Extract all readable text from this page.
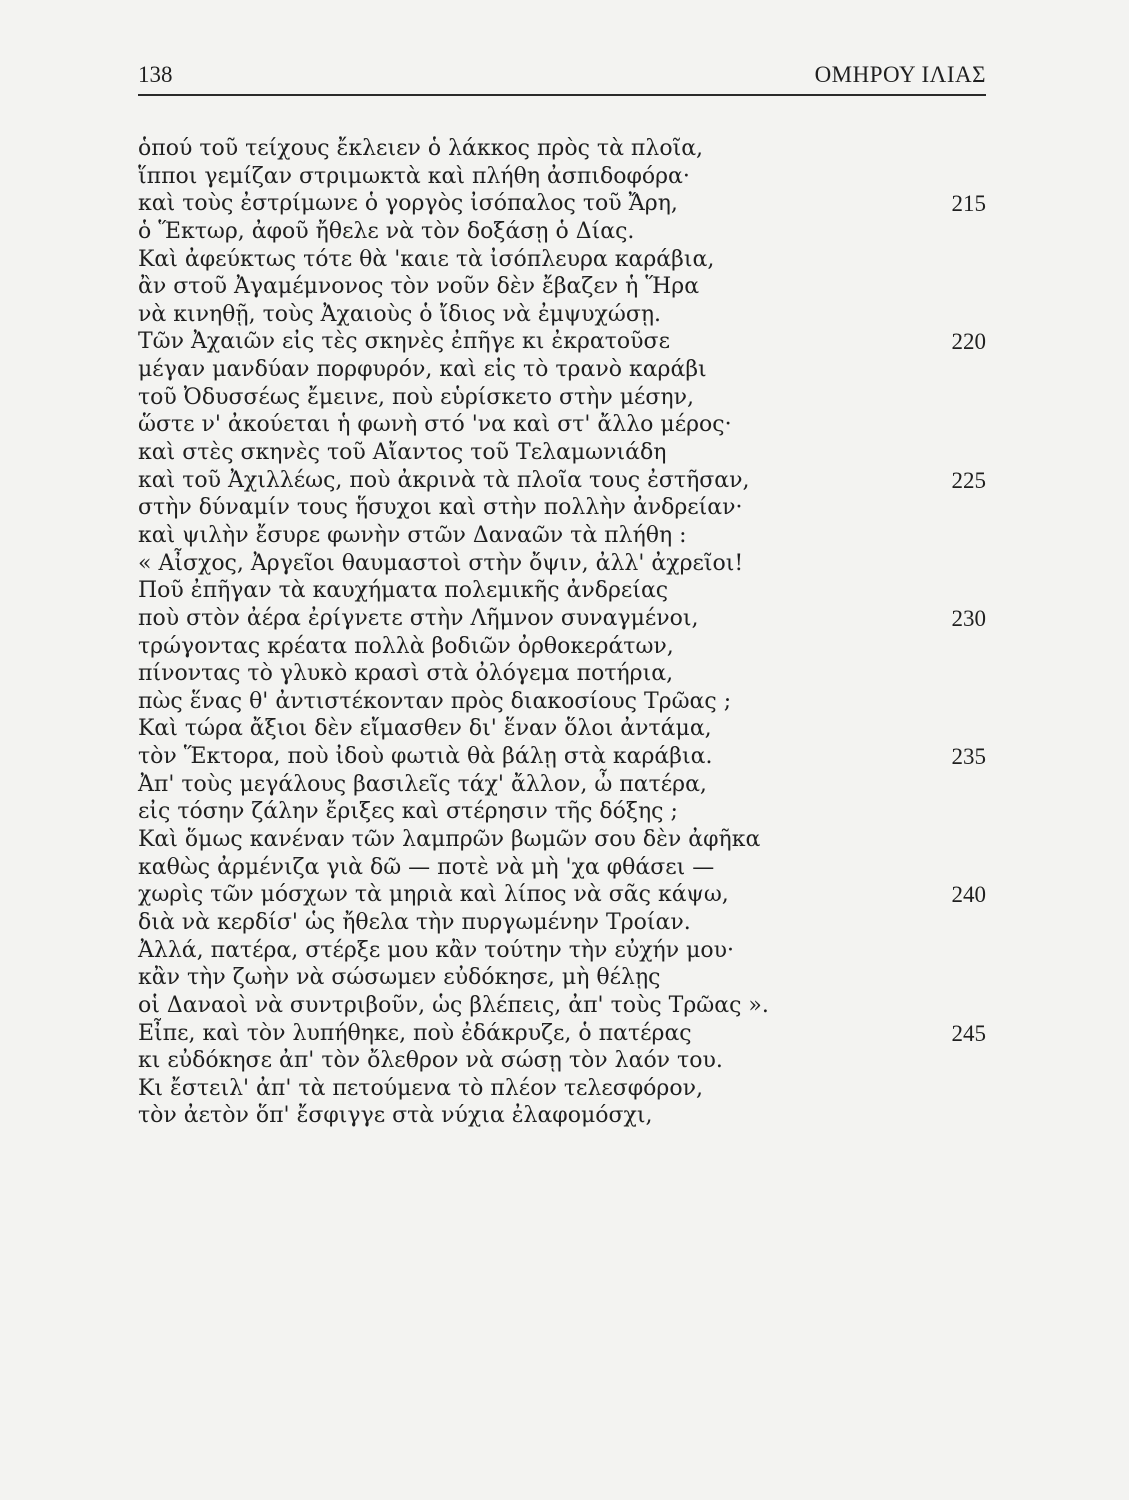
138	ΟΜΗΡΟΥ ΙΛΙΑΣ
ὁπού τοῦ τείχους ἔκλειεν ὁ λάκκος πρὸς τὰ πλοῖα,
ἵπποι γεμίζαν στριμωκτὰ καὶ πλήθη ἀσπιδοφόρα·
καὶ τοὺς ἐστρίμωνε ὁ γοργὸς ἰσόπαλος τοῦ Ἄρη,	215
ὁ Ἕκτωρ, ἀφοῦ ἤθελε νὰ τὸν δοξάσῃ ὁ Δίας.
Καὶ ἀφεύκτως τότε θὰ 'καιε τὰ ἰσόπλευρα καράβια,
ἂν στοῦ Ἀγαμέμνονος τὸν νοῦν δὲν ἔβαζεν ἡ Ἥρα
νὰ κινηθῇ, τοὺς Ἀχαιοὺς ὁ ἴδιος νὰ ἐμψυχώσῃ.
Τῶν Ἀχαιῶν εἰς τὲς σκηνὲς ἐπῆγε κι ἐκρατοῦσε	220
μέγαν μανδύαν πορφυρόν, καὶ εἰς τὸ τρανὸ καράβι
τοῦ Ὀδυσσέως ἔμεινε, ποὺ εὑρίσκετο στὴν μέσην,
ὥστε ν' ἀκούεται ἡ φωνὴ στό 'να καὶ στ' ἄλλο μέρος·
καὶ στὲς σκηνὲς τοῦ Αἴαντος τοῦ Τελαμωνιάδη
καὶ τοῦ Ἀχιλλέως, ποὺ ἀκρινὰ τὰ πλοῖα τους ἐστῆσαν,	225
στὴν δύναμίν τους ἥσυχοι καὶ στὴν πολλὴν ἀνδρείαν·
καὶ ψιλὴν ἔσυρε φωνὴν στῶν Δαναῶν τὰ πλήθη :
« Αἶσχος, Ἀργεῖοι θαυμαστοὶ στὴν ὄψιν, ἀλλ' ἀχρεῖοι!
Ποῦ ἐπῆγαν τὰ καυχήματα πολεμικῆς ἀνδρείας
ποὺ στὸν ἀέρα ἐρίγνετε στὴν Λῆμνον συναγμένοι,	230
τρώγοντας κρέατα πολλὰ βοδιῶν ὀρθοκεράτων,
πίνοντας τὸ γλυκὸ κρασὶ στὰ ὀλόγεμα ποτήρια,
πὼς ἕνας θ' ἀντιστέκονταν πρὸς διακοσίους Τρῶας ;
Καὶ τώρα ἄξιοι δὲν εἴμασθεν δι' ἕναν ὅλοι ἀντάμα,
τὸν Ἕκτορα, ποὺ ἰδοὺ φωτιὰ θὰ βάλῃ στὰ καράβια.	235
Ἀπ' τοὺς μεγάλους βασιλεῖς τάχ' ἄλλον, ὦ πατέρα,
εἰς τόσην ζάλην ἔριξες καὶ στέρησιν τῆς δόξης ;
Καὶ ὅμως κανέναν τῶν λαμπρῶν βωμῶν σου δὲν ἀφῆκα
καθὼς ἀρμένιζα γιὰ δῶ — ποτὲ νὰ μὴ 'χα φθάσει —
χωρὶς τῶν μόσχων τὰ μηριὰ καὶ λίπος νὰ σᾶς κάψω,	240
διὰ νὰ κερδίσ' ὡς ἤθελα τὴν πυργωμένην Τροίαν.
Ἀλλά, πατέρα, στέρξε μου κἂν τούτην τὴν εὐχήν μου·
κἂν τὴν ζωὴν νὰ σώσωμεν εὐδόκησε, μὴ θέλῃς
οἱ Δαναοὶ νὰ συντριβοῦν, ὡς βλέπεις, ἀπ' τοὺς Τρῶας ».
Εἶπε, καὶ τὸν λυπήθηκε, ποὺ ἐδάκρυζε, ὁ πατέρας	245
κι εὐδόκησε ἀπ' τὸν ὄλεθρον νὰ σώσῃ τὸν λαόν του.
Κι ἔστειλ' ἀπ' τὰ πετούμενα τὸ πλέον τελεσφόρον,
τὸν ἀετὸν ὅπ' ἔσφιγγε στὰ νύχια ἐλαφομόσχι,
